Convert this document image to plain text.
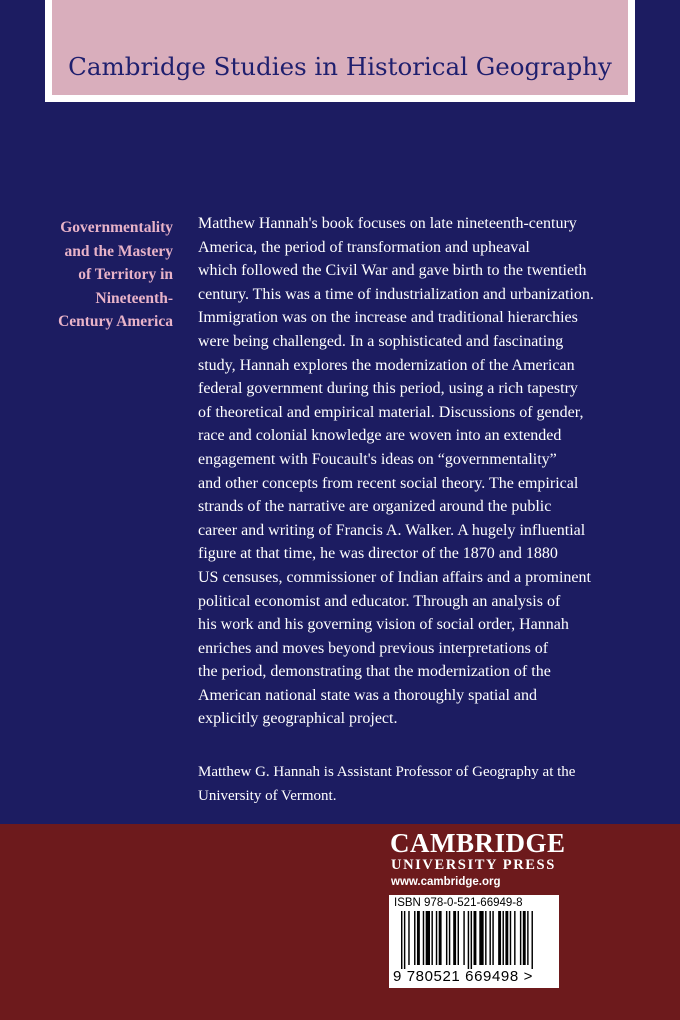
Cambridge Studies in Historical Geography
Governmentality
and the Mastery
of Territory in
Nineteenth-
Century America
Matthew Hannah's book focuses on late nineteenth-century
America, the period of transformation and upheaval
which followed the Civil War and gave birth to the twentieth
century. This was a time of industrialization and urbanization.
Immigration was on the increase and traditional hierarchies
were being challenged. In a sophisticated and fascinating
study, Hannah explores the modernization of the American
federal government during this period, using a rich tapestry
of theoretical and empirical material. Discussions of gender,
race and colonial knowledge are woven into an extended
engagement with Foucault's ideas on “governmentality”
and other concepts from recent social theory. The empirical
strands of the narrative are organized around the public
career and writing of Francis A. Walker. A hugely influential
figure at that time, he was director of the 1870 and 1880
US censuses, commissioner of Indian affairs and a prominent
political economist and educator. Through an analysis of
his work and his governing vision of social order, Hannah
enriches and moves beyond previous interpretations of
the period, demonstrating that the modernization of the
American national state was a thoroughly spatial and
explicitly geographical project.
Matthew G. Hannah is Assistant Professor of Geography at the
University of Vermont.
CAMBRIDGE
UNIVERSITY PRESS
www.cambridge.org
ISBN 978-0-521-66949-8
9 780521 669498 >
